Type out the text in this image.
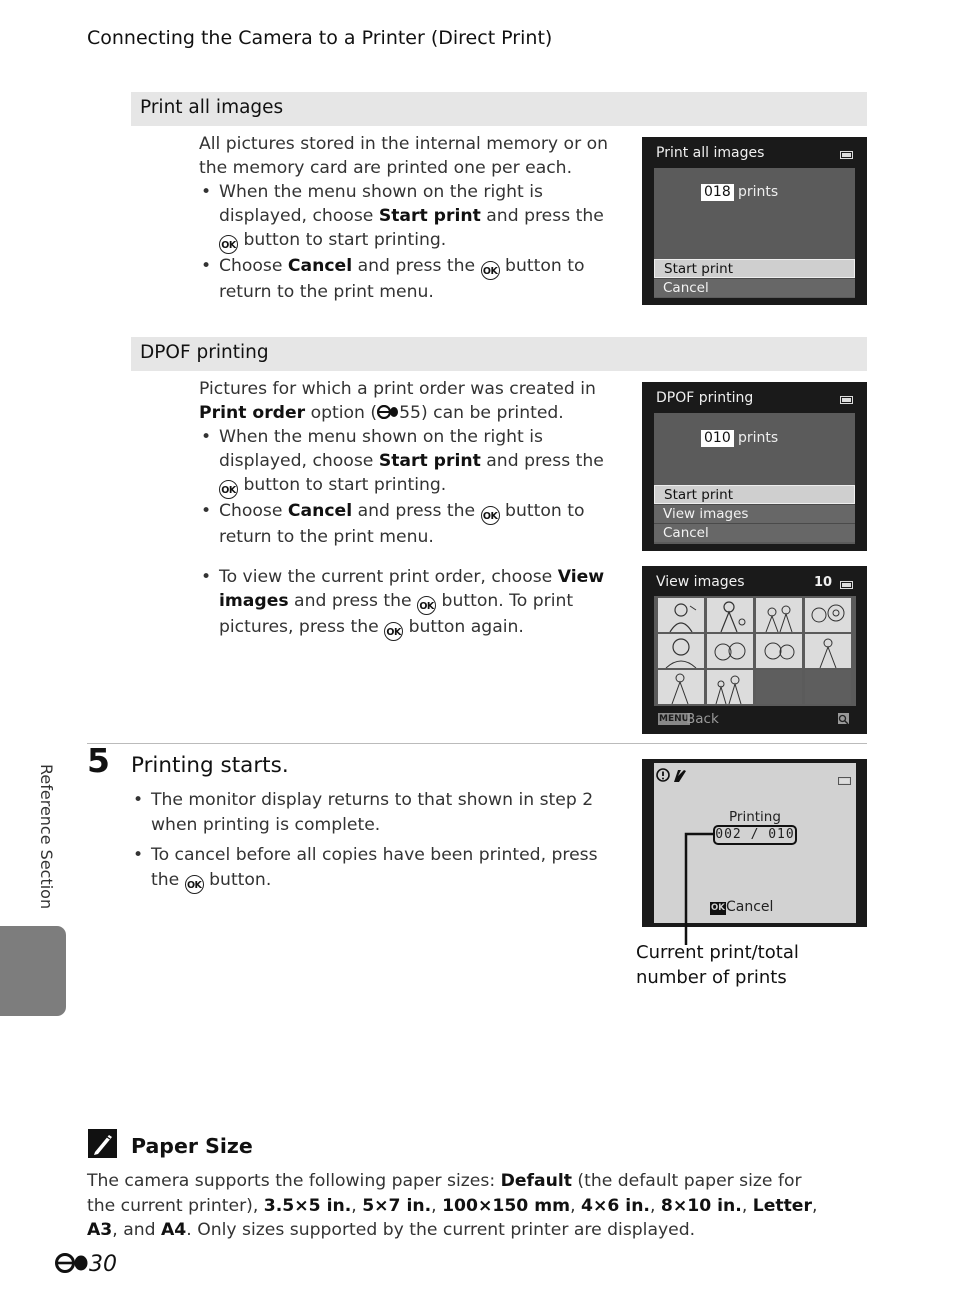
Connecting the Camera to a Printer (Direct Print)
Print all images

All pictures stored in the internal memory or on the memory card are printed one per each.

• When the menu shown on the right is displayed, choose Start print and press the
OK button to start printing.
• Choose Cancel and press the OK button to return to the print menu.
Print all images
018 prints
Start print
Cancel
DPOF printing

Pictures for which a print order was created in Print order option ( 55) can be printed.

• When the menu shown on the right is displayed, choose Start print and press the
OK button to start printing.
• Choose Cancel and press the OK button to return to the print menu.
• To view the current print order, choose View images and press the OK button. To print pictures, press the OK button again.
DPOF printing
010 prints
Start print
View images
Cancel
View images	10
MENU
Back
5 Printing starts.
• The monitor display returns to that shown in step 2 when printing is complete.
• To cancel before all copies have been printed, press the OK button.
Printing
002 / 010
OK Cancel
Current print/total number of prints
Reference Section
Paper Size
The camera supports the following paper sizes: Default (the default paper size for the current printer), 3.5×5 in., 5×7 in., 100×150 mm, 4×6 in., 8×10 in., Letter, A3, and A4. Only sizes supported by the current printer are displayed.
30
